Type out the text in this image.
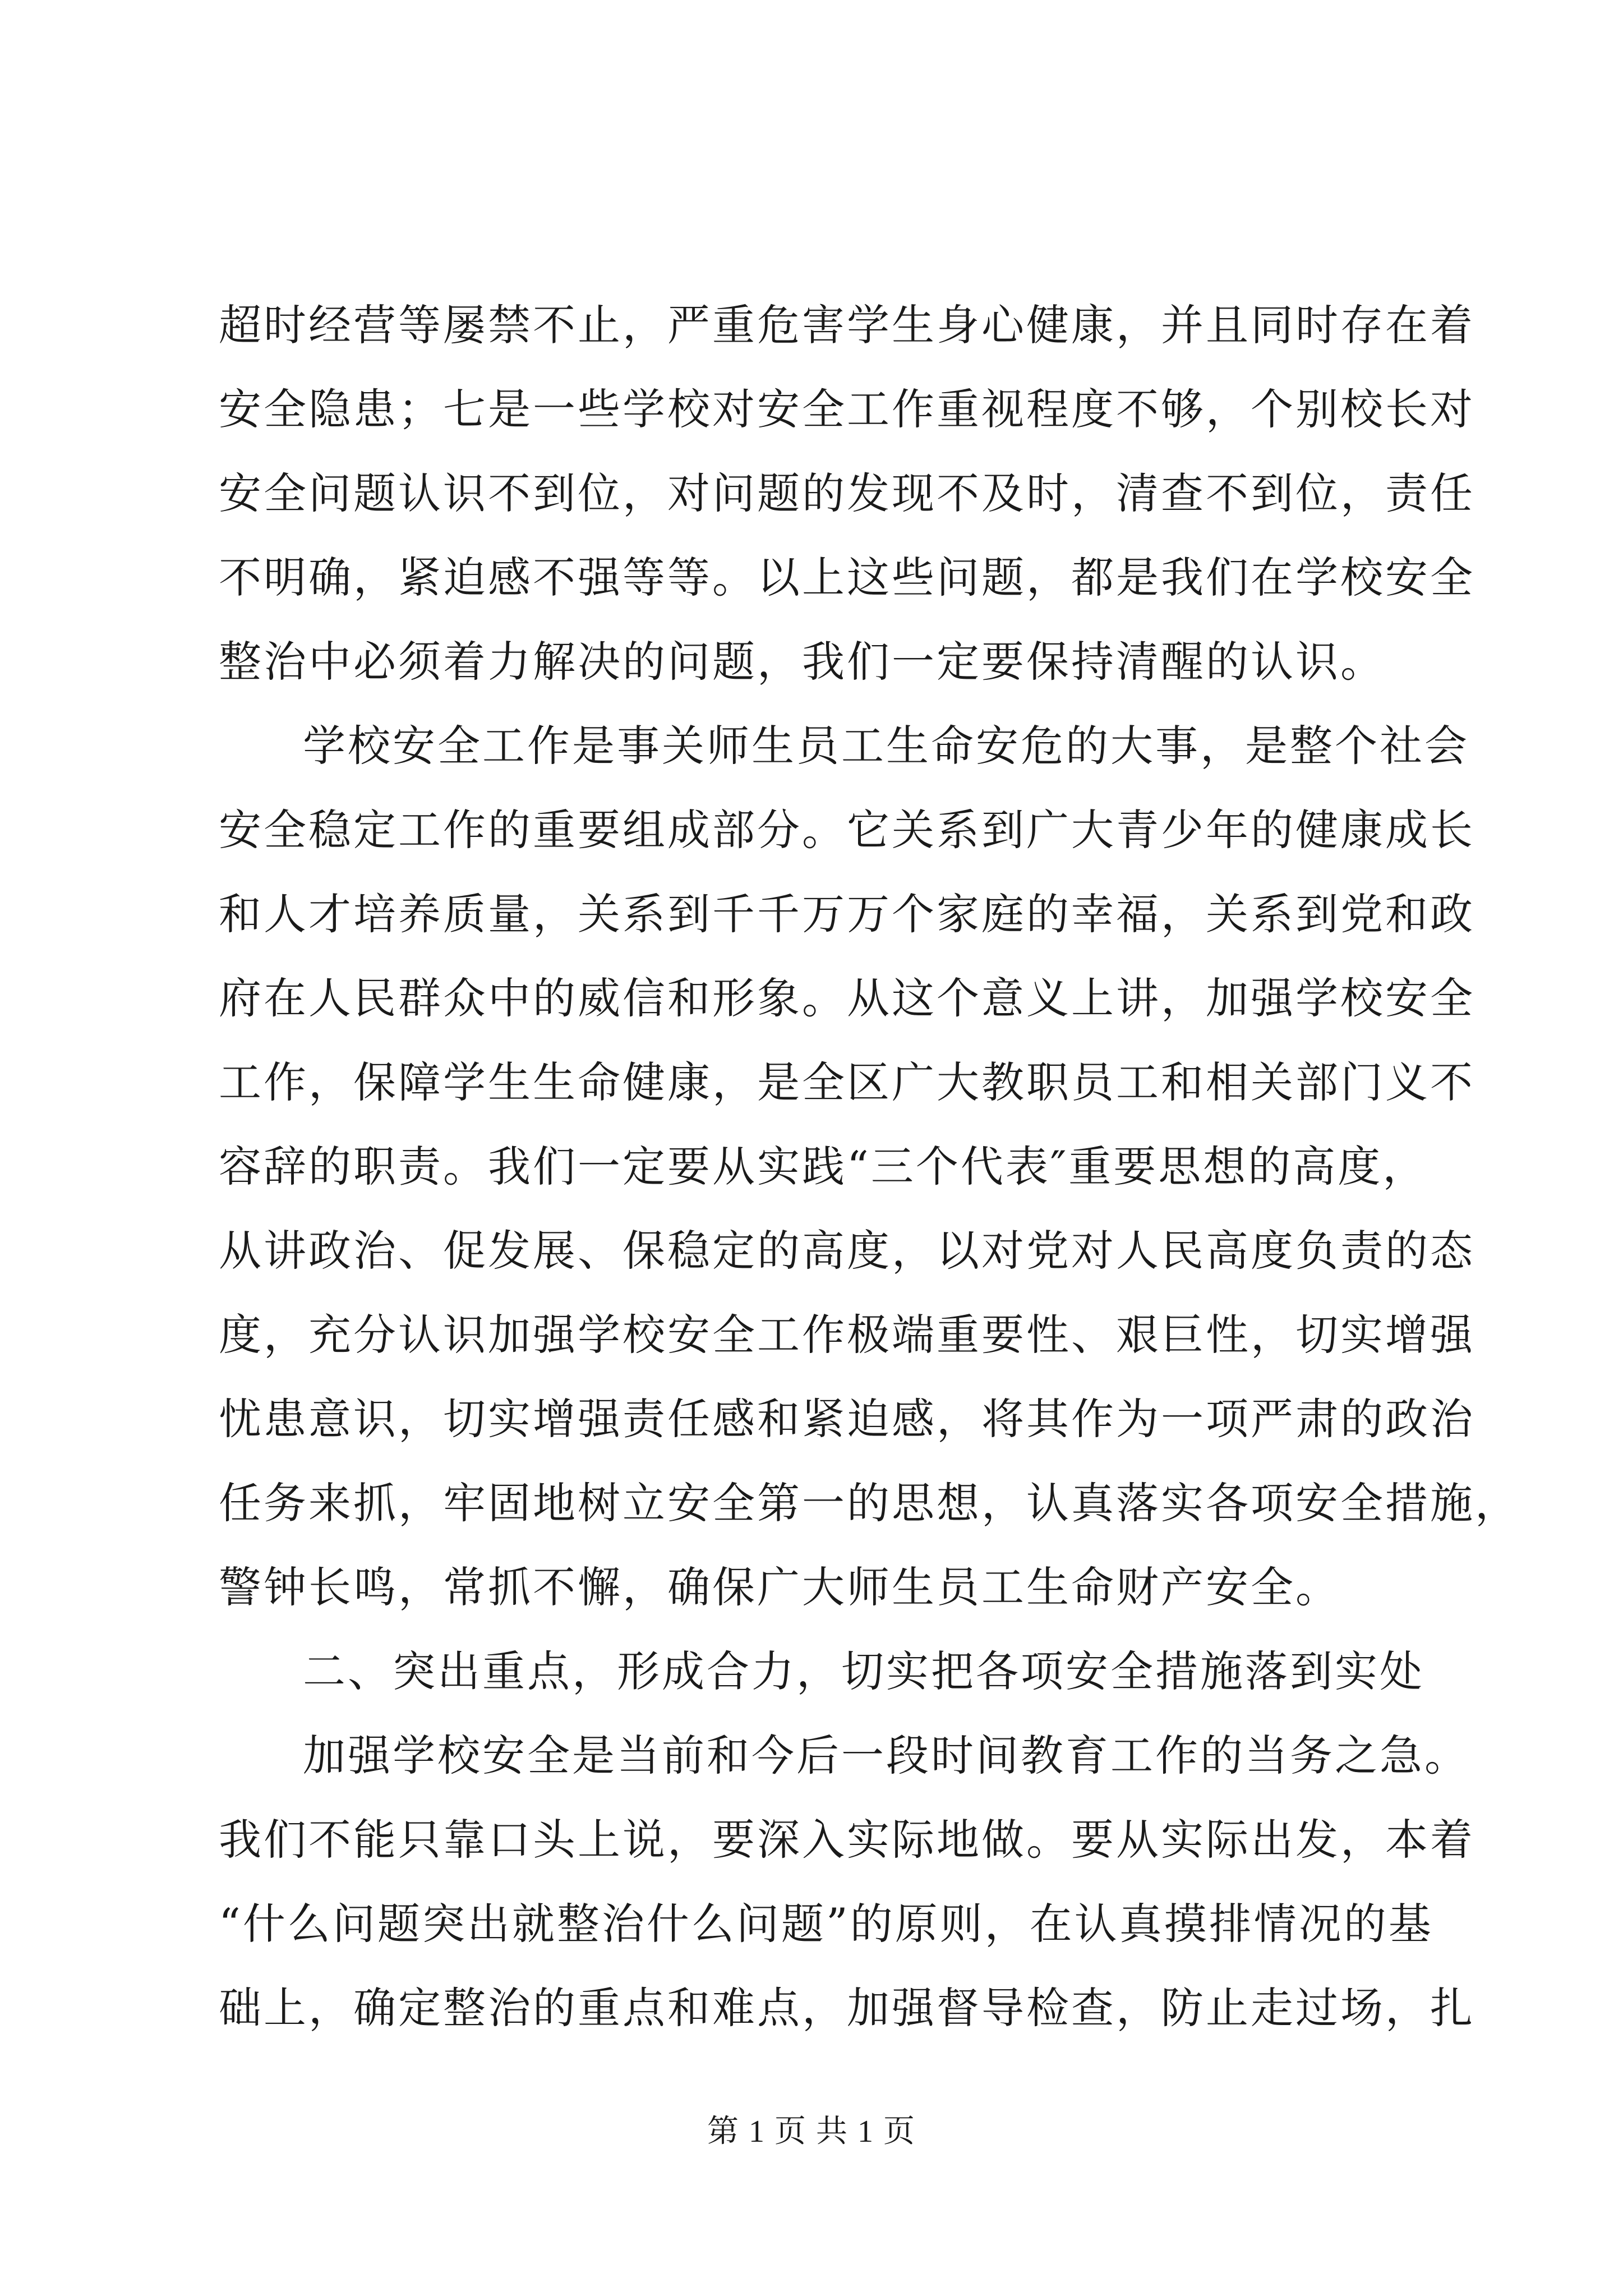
超时经营等屡禁不止，严重危害学生身心健康，并且同时存在着
安全隐患；七是一些学校对安全工作重视程度不够，个别校长对
安全问题认识不到位，对问题的发现不及时，清查不到位，责任
不明确，紧迫感不强等等。以上这些问题，都是我们在学校安全
整治中必须着力解决的问题，我们一定要保持清醒的认识。
学校安全工作是事关师生员工生命安危的大事，是整个社会
安全稳定工作的重要组成部分。它关系到广大青少年的健康成长
和人才培养质量，关系到千千万万个家庭的幸福，关系到党和政
府在人民群众中的威信和形象。从这个意义上讲，加强学校安全
工作，保障学生生命健康，是全区广大教职员工和相关部门义不
容辞的职责。我们一定要从实践“三个代表″重要思想的高度，
从讲政治、促发展、保稳定的高度，以对党对人民高度负责的态
度，充分认识加强学校安全工作极端重要性、艰巨性，切实增强
忧患意识，切实增强责任感和紧迫感，将其作为一项严肃的政治
任务来抓，牢固地树立安全第一的思想，认真落实各项安全措施，
警钟长鸣，常抓不懈，确保广大师生员工生命财产安全。
二、突出重点，形成合力，切实把各项安全措施落到实处
加强学校安全是当前和今后一段时间教育工作的当务之急。
我们不能只靠口头上说，要深入实际地做。要从实际出发，本着
“什么问题突出就整治什么问题”的原则，在认真摸排情况的基
础上，确定整治的重点和难点，加强督导检查，防止走过场，扎
第 1 页 共 1 页
